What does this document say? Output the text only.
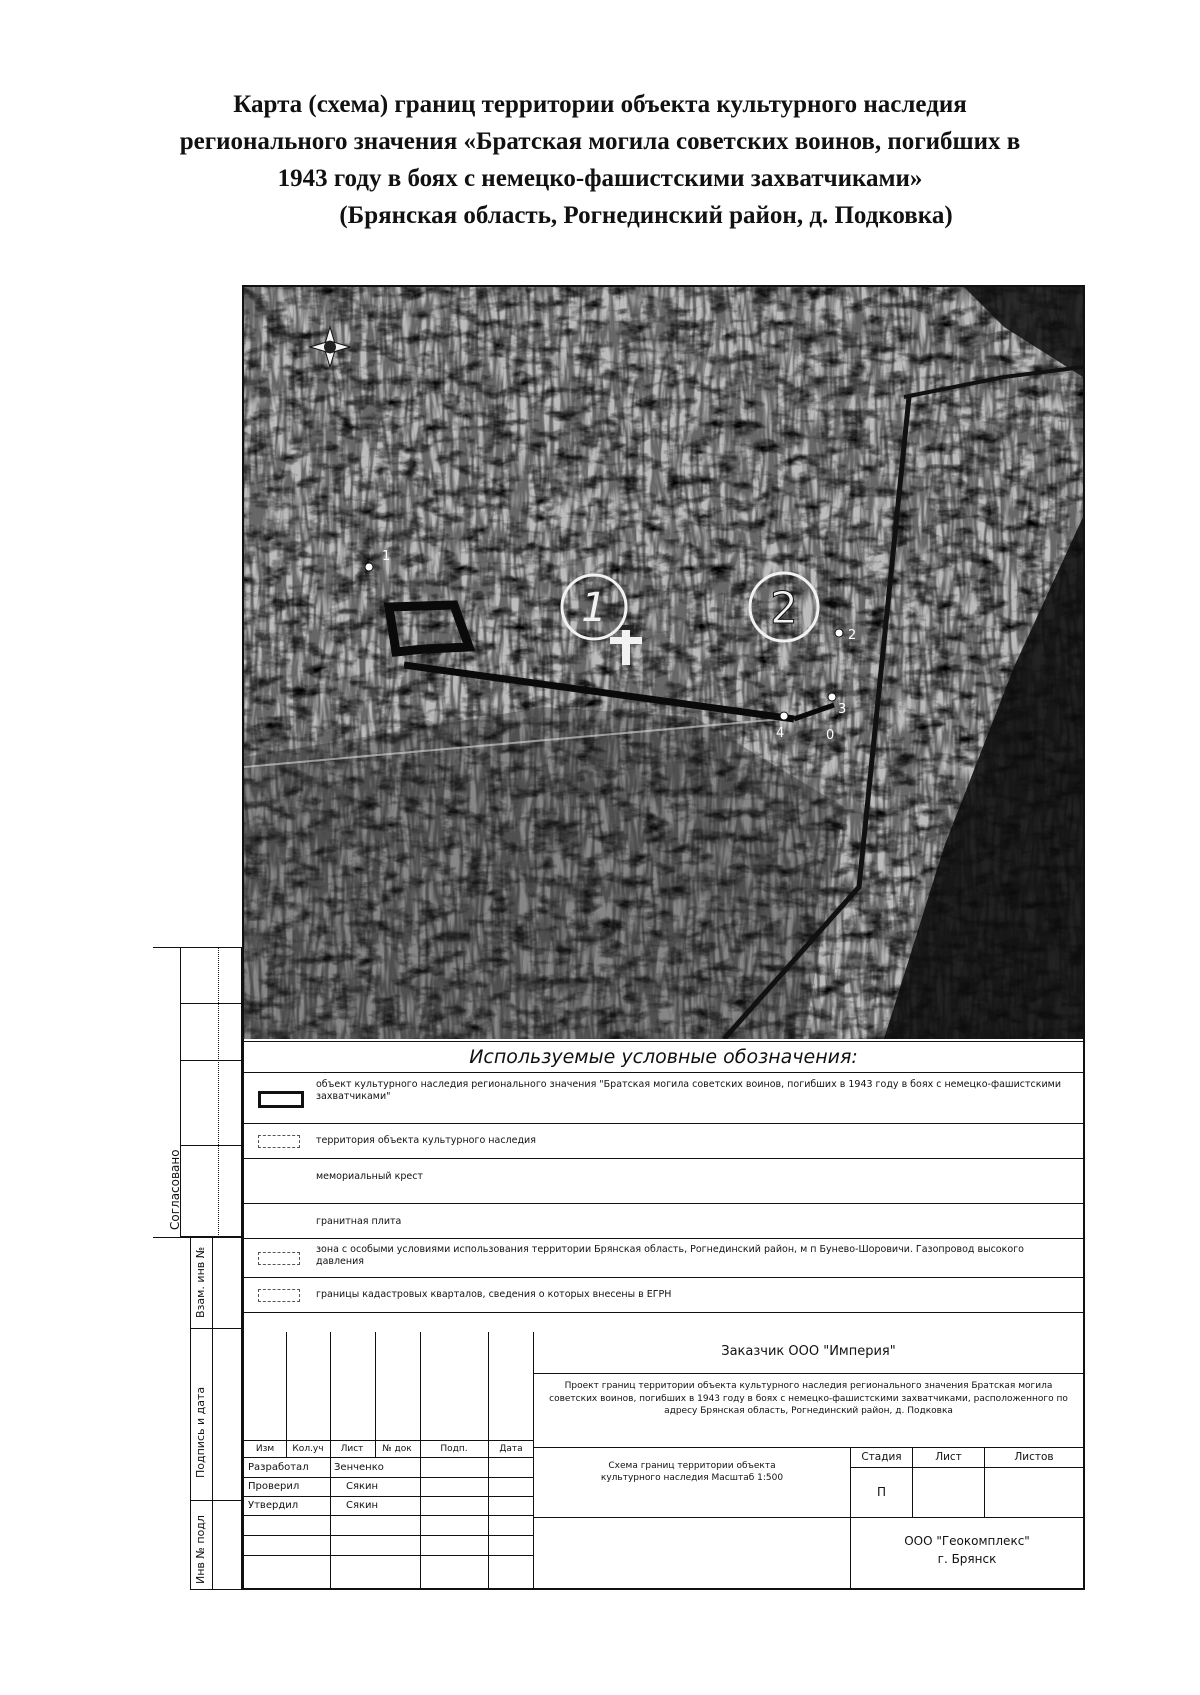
Карта (схема) границ территории объекта культурного наследия
регионального значения «Братская могила советских воинов, погибших в
1943 году в боях с немецко-фашистскими захватчиками»
(Брянская область, Рогнединский район, д. Подковка)
1	2
1
2
3
4	0
Согласовано
Взам. инв №
Подпись и дата
Инв № подл
Используемые условные обозначения:
объект культурного наследия регионального значения "Братская могила советских воинов, погибших в 1943 году в боях с немецко-фашистскими захватчиками"
территория объекта культурного наследия
мемориальный крест
гранитная плита
зона с особыми условиями использования территории Брянская область, Рогнединский район, м п Бунево-Шоровичи. Газопровод высокого давления
границы кадастровых кварталов, сведения о которых внесены в ЕГРН
Изм	Кол.уч	Лист	№ док	Подп.	Дата
Разработал	Зенченко
Проверил	Сякин
Утвердил	Сякин
Заказчик ООО "Империя"
Проект границ территории объекта культурного наследия регионального значения Братская могила советских воинов, погибших в 1943 году в боях с немецко-фашистскими захватчиками, расположенного по адресу Брянская область, Рогнединский район, д. Подковка
Схема границ территории объекта культурного наследия Масштаб 1:500
Стадия	Лист	Листов
П
ООО "Геокомплекс"
г. Брянск
